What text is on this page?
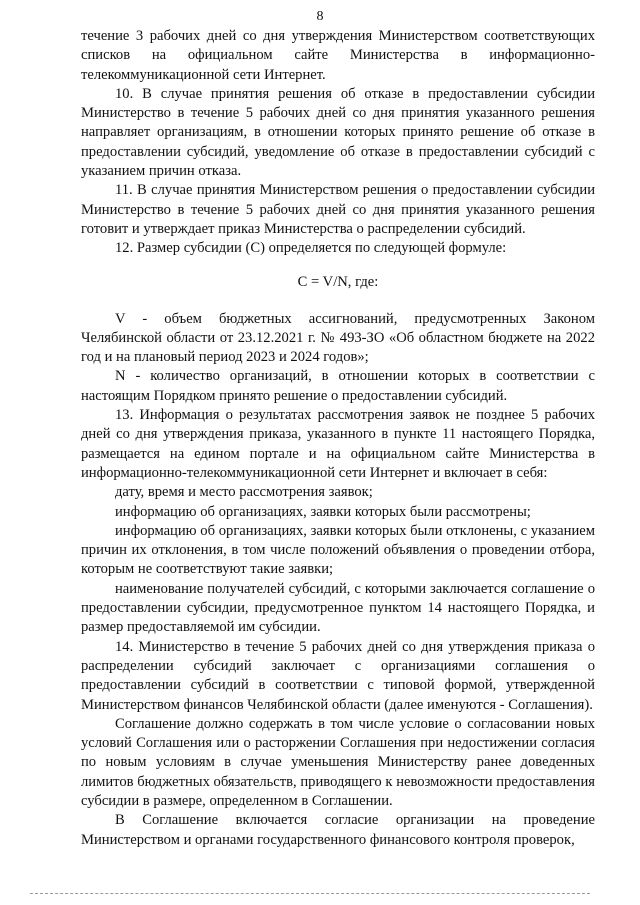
8

течение 3 рабочих дней со дня утверждения Министерством соответствующих списков на официальном сайте Министерства в информационно-телекоммуникационной сети Интернет.

10. В случае принятия решения об отказе в предоставлении субсидии Министерство в течение 5 рабочих дней со дня принятия указанного решения направляет организациям, в отношении которых принято решение об отказе в предоставлении субсидий, уведомление об отказе в предоставлении субсидий с указанием причин отказа.

11. В случае принятия Министерством решения о предоставлении субсидии Министерство в течение 5 рабочих дней со дня принятия указанного решения готовит и утверждает приказ Министерства о распределении субсидий.

12. Размер субсидии (С) определяется по следующей формуле:

C = V/N, где:

V - объем бюджетных ассигнований, предусмотренных Законом Челябинской области от 23.12.2021 г. № 493-ЗО «Об областном бюджете на 2022 год и на плановый период 2023 и 2024 годов»;

N - количество организаций, в отношении которых в соответствии с настоящим Порядком принято решение о предоставлении субсидий.

13. Информация о результатах рассмотрения заявок не позднее 5 рабочих дней со дня утверждения приказа, указанного в пункте 11 настоящего Порядка, размещается на едином портале и на официальном сайте Министерства в информационно-телекоммуникационной сети Интернет и включает в себя:

дату, время и место рассмотрения заявок;

информацию об организациях, заявки которых были рассмотрены;

информацию об организациях, заявки которых были отклонены, с указанием причин их отклонения, в том числе положений объявления о проведении отбора, которым не соответствуют такие заявки;

наименование получателей субсидий, с которыми заключается соглашение о предоставлении субсидии, предусмотренное пунктом 14 настоящего Порядка, и размер предоставляемой им субсидии.

14. Министерство в течение 5 рабочих дней со дня утверждения приказа о распределении субсидий заключает с организациями соглашения о предоставлении субсидий в соответствии с типовой формой, утвержденной Министерством финансов Челябинской области (далее именуются - Соглашения).

Соглашение должно содержать в том числе условие о согласовании новых условий Соглашения или о расторжении Соглашения при недостижении согласия по новым условиям в случае уменьшения Министерству ранее доведенных лимитов бюджетных обязательств, приводящего к невозможности предоставления субсидии в размере, определенном в Соглашении.

В Соглашение включается согласие организации на проведение Министерством и органами государственного финансового контроля проверок,
